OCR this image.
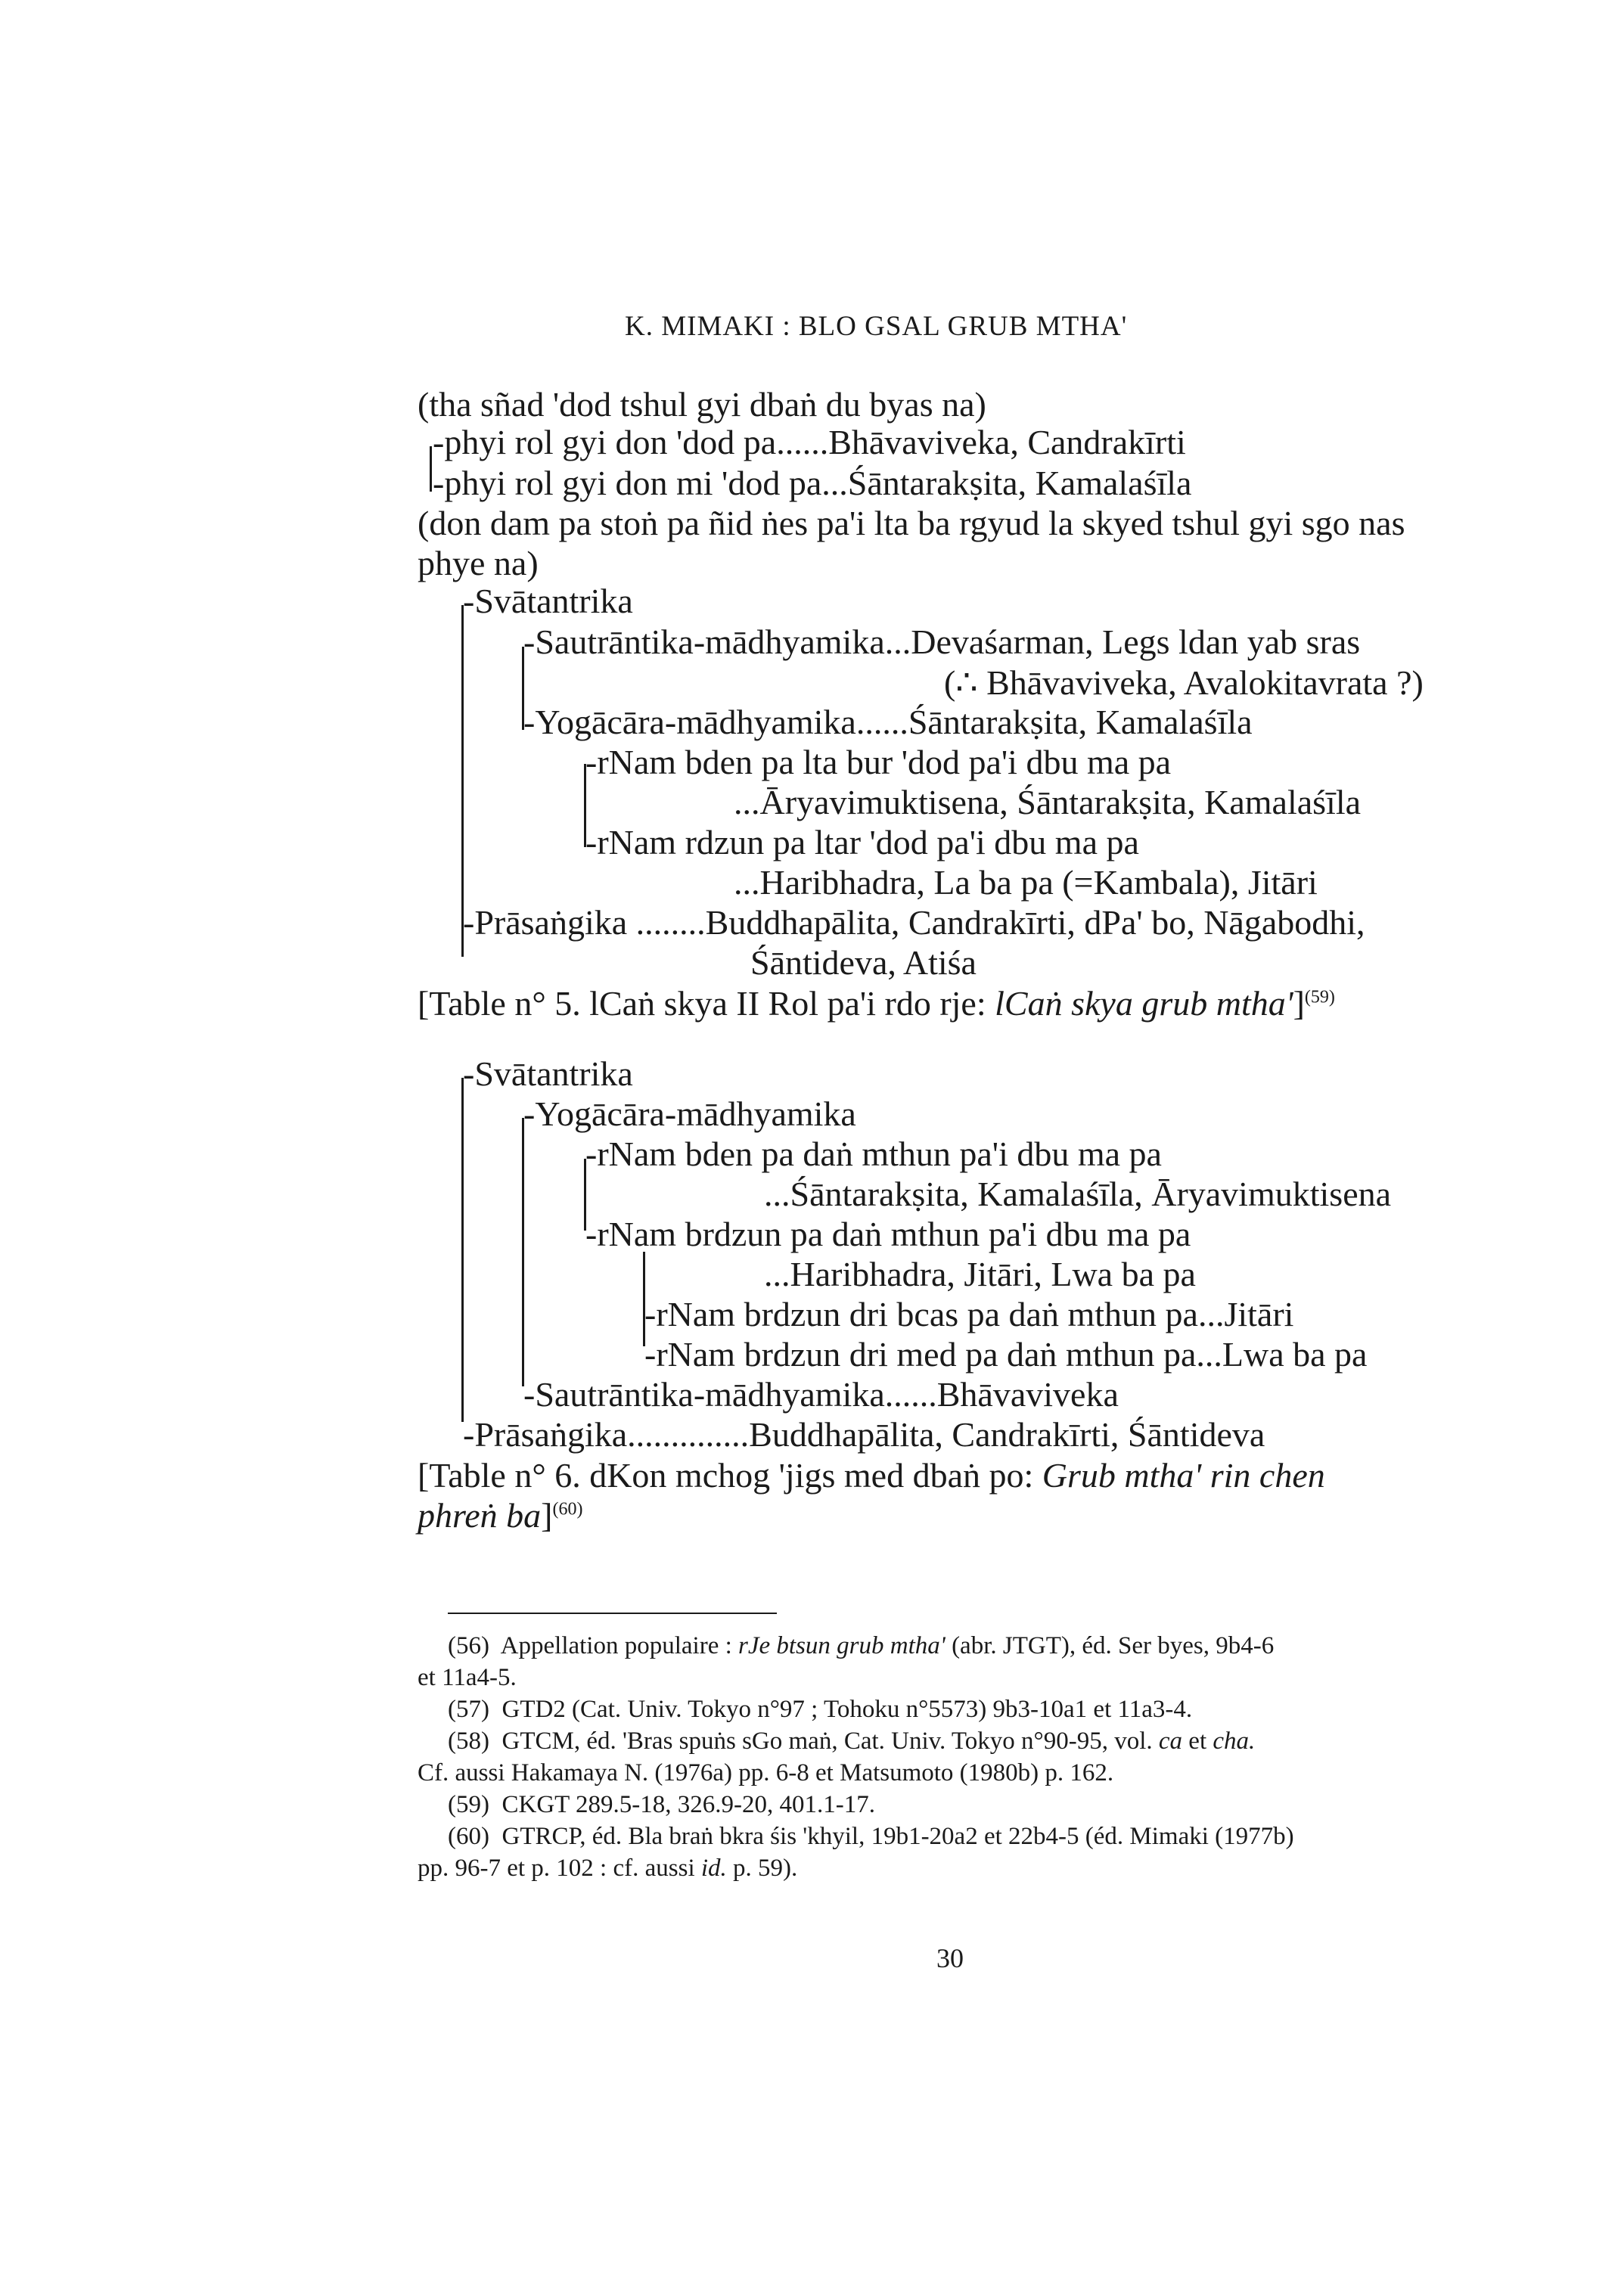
K. MIMAKI : BLO GSAL GRUB MTHA'
(tha sñad 'dod tshul gyi dbaṅ du byas na)
-phyi rol gyi don 'dod pa......Bhāvaviveka, Candrakīrti
-phyi rol gyi don mi 'dod pa...Śāntarakṣita, Kamalaśīla
(don dam pa stoṅ pa ñid ṅes pa'i lta ba rgyud la skyed tshul gyi sgo nas
phye na)
-Svātantrika
-Sautrāntika-mādhyamika...Devaśarman, Legs ldan yab sras
(∴ Bhāvaviveka, Avalokitavrata ?)
-Yogācāra-mādhyamika......Śāntarakṣita, Kamalaśīla
-rNam bden pa lta bur 'dod pa'i dbu ma pa
...Āryavimuktisena, Śāntarakṣita, Kamalaśīla
-rNam rdzun pa ltar 'dod pa'i dbu ma pa
...Haribhadra, La ba pa (=Kambala), Jitāri
-Prāsaṅgika ........Buddhapālita, Candrakīrti, dPa' bo, Nāgabodhi,
Śāntideva, Atiśa
[Table n° 5. lCaṅ skya II Rol pa'i rdo rje: lCaṅ skya grub mtha']$^{(59)}$
-Svātantrika
-Yogācāra-mādhyamika
-rNam bden pa daṅ mthun pa'i dbu ma pa
...Śāntarakṣita, Kamalaśīla, Āryavimuktisena
-rNam brdzun pa daṅ mthun pa'i dbu ma pa
...Haribhadra, Jitāri, Lwa ba pa
-rNam brdzun dri bcas pa daṅ mthun pa...Jitāri
-rNam brdzun dri med pa daṅ mthun pa...Lwa ba pa
-Sautrāntika-mādhyamika......Bhāvaviveka
-Prāsaṅgika..............Buddhapālita, Candrakīrti, Śāntideva
[Table n° 6. dKon mchog 'jigs med dbaṅ po: Grub mtha' rin chen
phreṅ ba]$^{(60)}$
(56) Appellation populaire : rJe btsun grub mtha' (abr. JTGT), éd. Ser byes, 9b4-6
et 11a4-5.
(57) GTD2 (Cat. Univ. Tokyo n°97 ; Tohoku n°5573) 9b3-10a1 et 11a3-4.
(58) GTCM, éd. 'Bras spuṅs sGo maṅ, Cat. Univ. Tokyo n°90-95, vol. ca et cha.
Cf. aussi Hakamaya N. (1976a) pp. 6-8 et Matsumoto (1980b) p. 162.
(59) CKGT 289.5-18, 326.9-20, 401.1-17.
(60) GTRCP, éd. Bla braṅ bkra śis 'khyil, 19b1-20a2 et 22b4-5 (éd. Mimaki (1977b)
pp. 96-7 et p. 102 : cf. aussi id. p. 59).
30
